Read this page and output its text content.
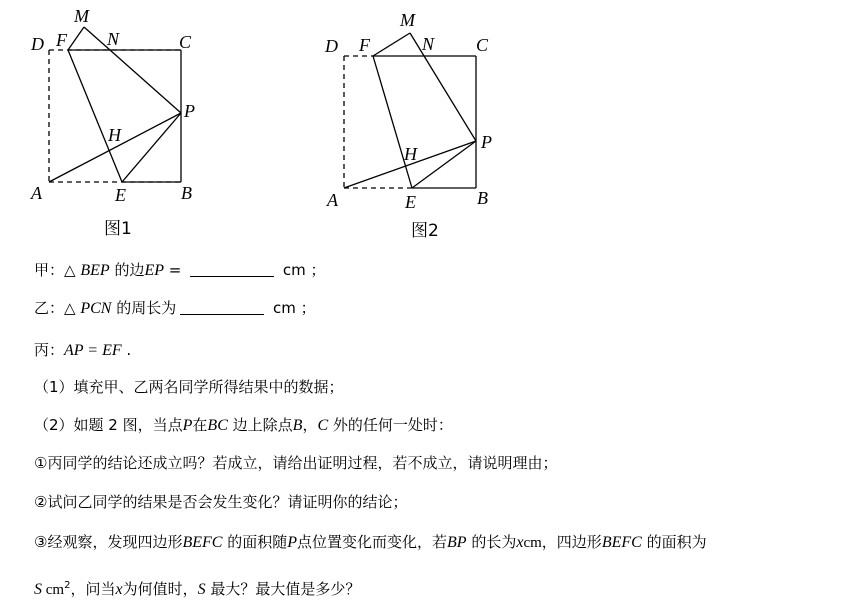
M
D F N	C
P
H
A	E	B
图1
M
D F	N C
P
H
A	E	B
图2
甲：△ BEP 的边EP =	cm ；
乙：△ PCN 的周长为	cm ；
丙：AP = EF .
（1）填充甲、乙两名同学所得结果中的数据；
（2）如题 2 图，当点P在BC 边上除点B，C 外的任何一处时：
①丙同学的结论还成立吗？若成立，请给出证明过程，若不成立，请说明理由；
②试问乙同学的结果是否会发生变化？请证明你的结论；
③经观察，发现四边形BEFC 的面积随P点位置变化而变化，若BP 的长为xcm，四边形BEFC 的面积为
S $cm^2$，问当x为何值时，S 最大？最大值是多少？
